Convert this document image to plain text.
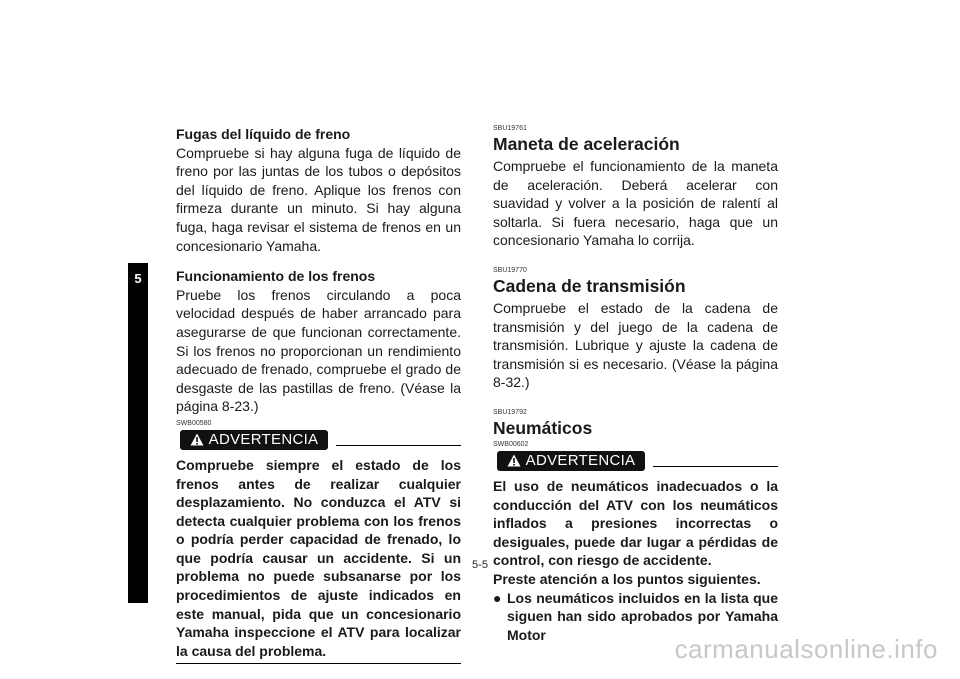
5
Fugas del líquido de freno

Compruebe si hay alguna fuga de líquido de freno por las juntas de los tubos o depósitos del líquido de freno. Aplique los frenos con firmeza durante un minuto. Si hay alguna fuga, haga revisar el sistema de frenos en un concesionario Yamaha.

Funcionamiento de los frenos

Pruebe los frenos circulando a poca velocidad después de haber arrancado para asegurarse de que funcionan correctamente. Si los frenos no proporcionan un rendimiento adecuado de frenado, compruebe el grado de desgaste de las pastillas de freno. (Véase la página 8-23.)

SWB00580
ADVERTENCIA

Compruebe siempre el estado de los frenos antes de realizar cualquier desplazamiento. No conduzca el ATV si detecta cualquier problema con los frenos o podría perder capacidad de frenado, lo que podría causar un accidente. Si un problema no puede subsanarse por los procedimientos de ajuste indicados en este manual, pida que un concesionario Yamaha inspeccione el ATV para localizar la causa del problema.

SBU19761
Maneta de aceleración

Compruebe el funcionamiento de la maneta de aceleración. Deberá acelerar con suavidad y volver a la posición de ralentí al soltarla. Si fuera necesario, haga que un concesionario Yamaha lo corrija.

SBU19770
Cadena de transmisión

Compruebe el estado de la cadena de transmisión y del juego de la cadena de transmisión. Lubrique y ajuste la cadena de transmisión si es necesario. (Véase la página 8-32.)

SBU19792
Neumáticos
SWB00602
ADVERTENCIA

El uso de neumáticos inadecuados o la conducción del ATV con los neumáticos inflados a presiones incorrectas o desiguales, puede dar lugar a pérdidas de control, con riesgo de accidente.

Preste atención a los puntos siguientes.

● Los neumáticos incluidos en la lista que siguen han sido aprobados por Yamaha Motor
5-5
carmanualsonline.info
